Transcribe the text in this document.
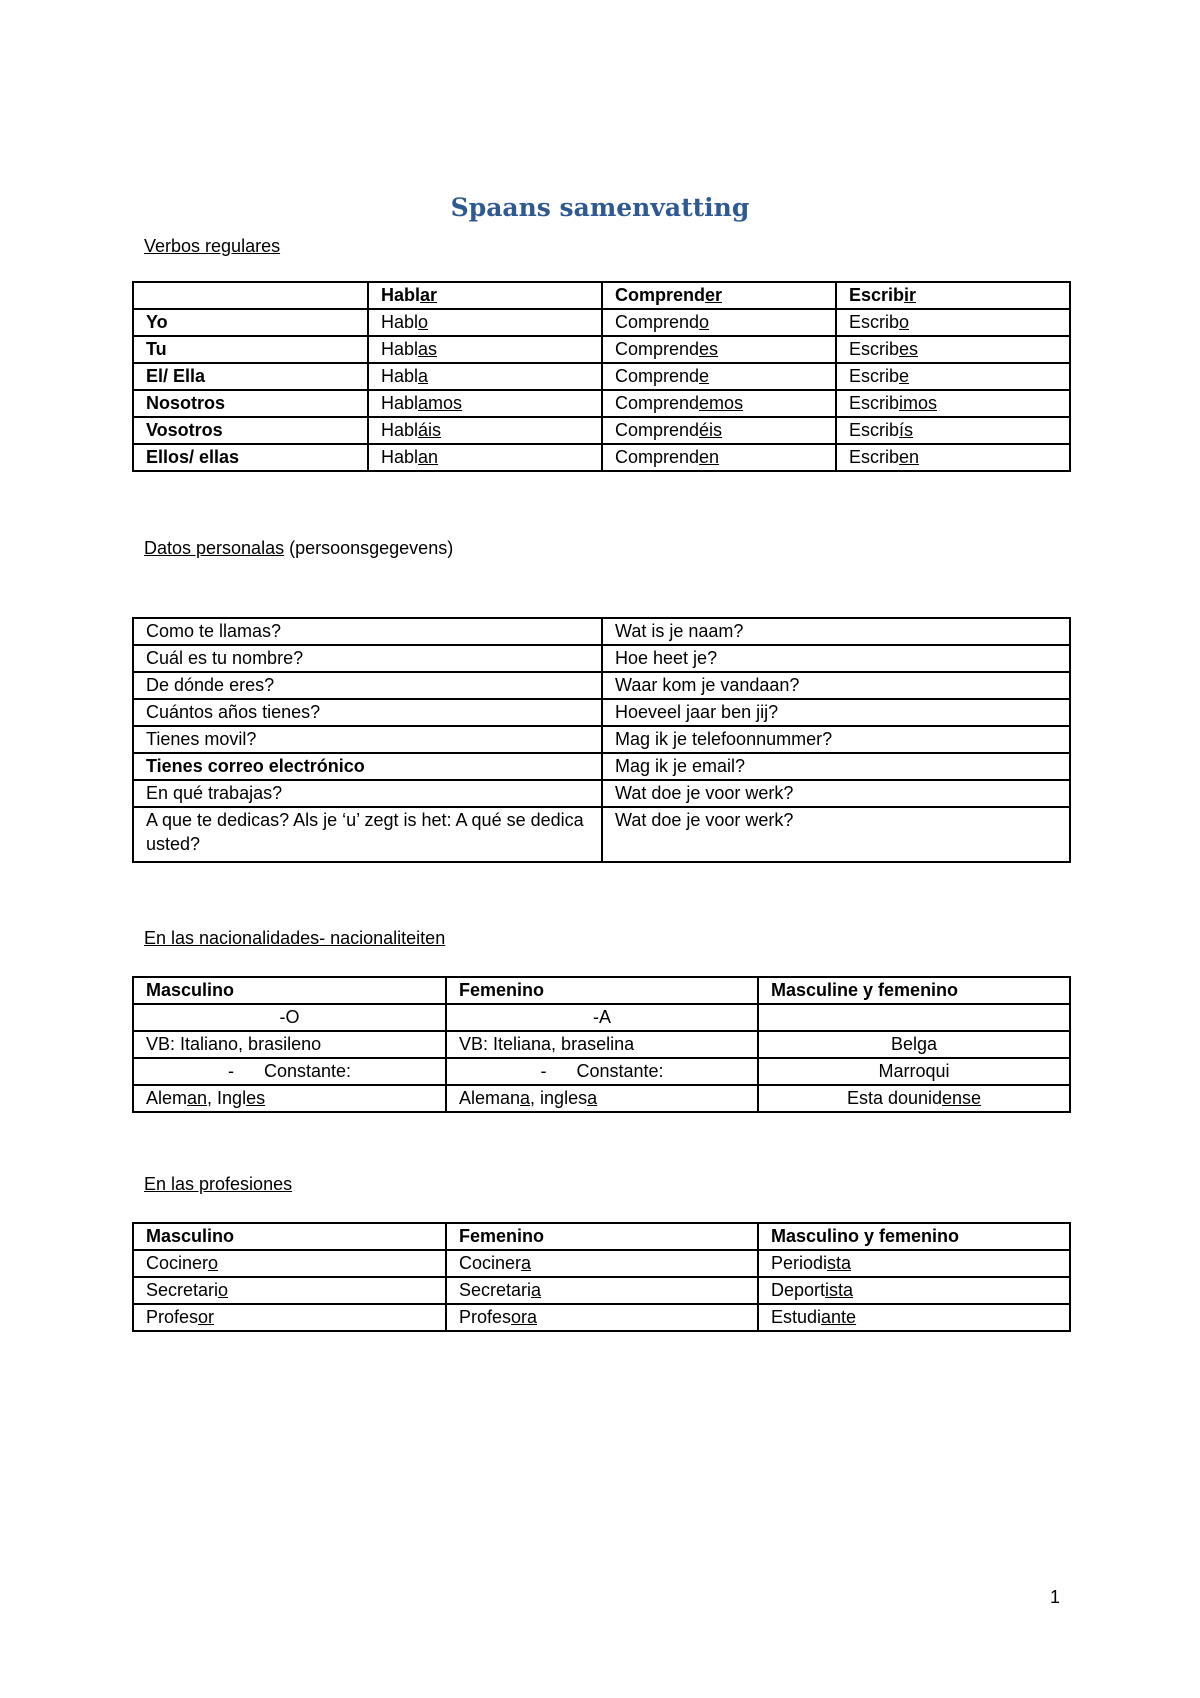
Spaans samenvatting
Verbos regulares
	Hablar	Comprender	Escribir
Yo	Hablo	Comprendo	Escribo
Tu	Hablas	Comprendes	Escribes
El/ Ella	Habla	Comprende	Escribe
Nosotros	Hablamos	Comprendemos	Escribimos
Vosotros	Habláis	Comprendéis	Escribís
Ellos/ ellas	Hablan	Comprenden	Escriben
Datos personalas (persoonsgegevens)
Como te llamas?	Wat is je naam?
Cuál es tu nombre?	Hoe heet je?
De dónde eres?	Waar kom je vandaan?
Cuántos años tienes?	Hoeveel jaar ben jij?
Tienes movil?	Mag ik je telefoonnummer?
Tienes correo electrónico	Mag ik je email?
En qué trabajas?	Wat doe je voor werk?
A que te dedicas? Als je ‘u’ zegt is het: A qué se dedica usted?	Wat doe je voor werk?
En las nacionalidades- nacionaliteiten
Masculino	Femenino	Masculine y femenino
-O	-A	
VB: Italiano, brasileno	VB: Iteliana, braselina	Belga
-      Constante:	-      Constante:	Marroqui
Aleman, Ingles	Alemana, inglesa	Esta dounidense
En las profesiones
Masculino	Femenino	Masculino y femenino
Cocinero	Cocinera	Periodista
Secretario	Secretaria	Deportista
Profesor	Profesora	Estudiante
1
